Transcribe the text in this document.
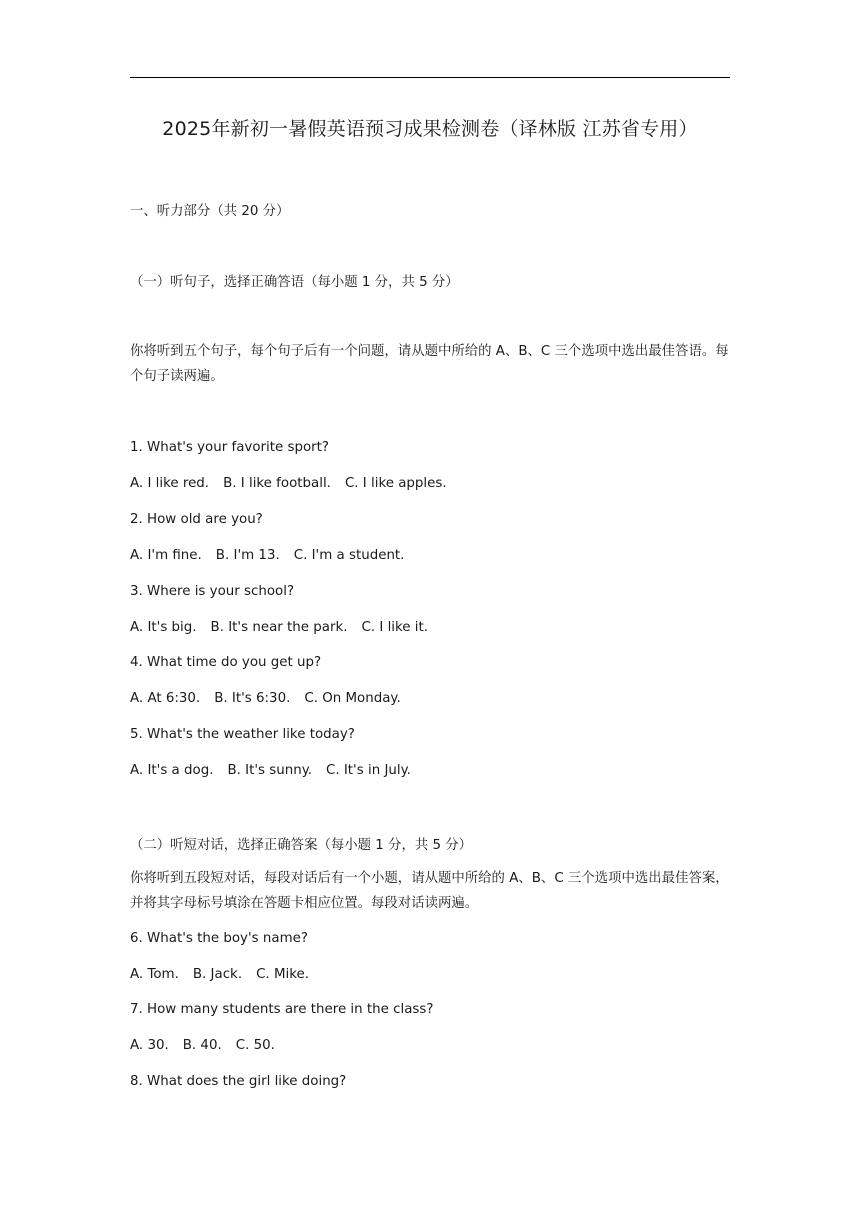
2025年新初一暑假英语预习成果检测卷（译林版 江苏省专用）
一、听力部分（共 20 分）
（一）听句子，选择正确答语（每小题 1 分，共 5 分）
你将听到五个句子，每个句子后有一个问题，请从题中所给的 A、B、C 三个选项中选出最佳答语。每个句子读两遍。
1. What's your favorite sport?
A. I like red. B. I like football. C. I like apples.
2. How old are you?
A. I'm fine. B. I'm 13. C. I'm a student.
3. Where is your school?
A. It's big. B. It's near the park. C. I like it.
4. What time do you get up?
A. At 6:30. B. It's 6:30. C. On Monday.
5. What's the weather like today?
A. It's a dog. B. It's sunny. C. It's in July.
（二）听短对话，选择正确答案（每小题 1 分，共 5 分）
你将听到五段短对话，每段对话后有一个小题，请从题中所给的 A、B、C 三个选项中选出最佳答案，并将其字母标号填涂在答题卡相应位置。每段对话读两遍。
6. What's the boy's name?
A. Tom. B. Jack. C. Mike.
7. How many students are there in the class?
A. 30. B. 40. C. 50.
8. What does the girl like doing?
